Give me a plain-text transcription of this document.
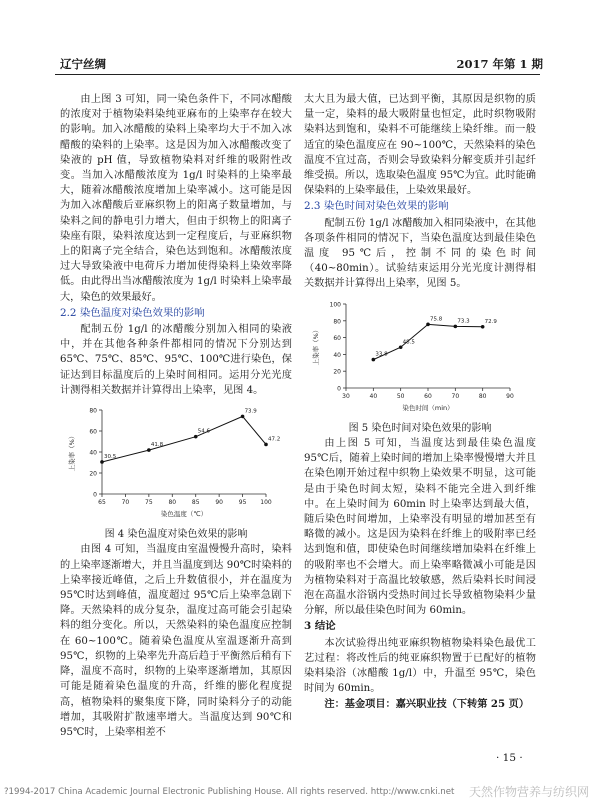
辽宁丝绸	2017 年第 1 期

由上图 3 可知，同一染色条件下，不同冰醋酸的浓度对于植物染料染纯亚麻布的上染率存在较大的影响。加入冰醋酸的染料上染率均大于不加入冰醋酸的染料的上染率。这是因为加入冰醋酸改变了染液的 pH 值，导致植物染料对纤维的吸附性改变。当加入冰醋酸浓度为 1g/l 时染料的上染率最大，随着冰醋酸浓度增加上染率减小。这可能是因为加入冰醋酸后亚麻织物上的阳离子数量增加，与染料之间的静电引力增大，但由于织物上的阳离子染座有限，染料浓度达到一定程度后，与亚麻织物上的阳离子完全结合，染色达到饱和。冰醋酸浓度过大导致染液中电荷斥力增加使得染料上染效率降低。由此得出当冰醋酸浓度为 1g/l 时染料上染率最大，染色的效果最好。

2.2 染色温度对染色效果的影响

配制五份 1g/l 的冰醋酸分别加入相同的染液中，并在其他各种条件都相同的情况下分别达到 65℃、75℃、85℃、95℃、100℃进行染色，保证达到目标温度后的上染时间相同。运用分光光度计测得相关数据并计算得出上染率，见图 4。

0
20
40
60
80
65	70	75	80	85	90	95 100
30.5
41.8
54.6
73.9
47.2
染色温度（℃）
上染率（%）

图 4 染色温度对染色效果的影响

由图 4 可知，当温度由室温慢慢升高时，染料的上染率逐渐增大，并且当温度到达 90℃时染料的上染率接近峰值，之后上升数值很小，并在温度为 95℃时达到峰值，温度超过 95℃后上染率急剧下降。天然染料的成分复杂，温度过高可能会引起染料的组分变化。所以，天然染料的染色温度应控制在 60~100℃。随着染色温度从室温逐渐升高到 95℃，织物的上染率先升高后趋于平衡然后稍有下降，温度不高时，织物的上染率逐渐增加，其原因可能是随着染色温度的升高，纤维的膨化程度提高，植物染料的聚集度下降，同时染料分子的动能增加，其吸附扩散速率增大。当温度达到 90℃和 95℃时，上染率相差不

太大且为最大值，已达到平衡，其原因是织物的质量一定，染料的最大吸附量也恒定，此时织物吸附染料达到饱和，染料不可能继续上染纤维。而一般适宜的染色温度应在 90~100℃，天然染料的染色温度不宜过高，否则会导致染料分解变质并引起纤维受损。所以，选取染色温度 95℃为宜。此时能确保染料的上染率最佳，上染效果最好。

2.3 染色时间对染色效果的影响

配制五份 1g/l 冰醋酸加入相同染液中，在其他各项条件相同的情况下，当染色温度达到最佳染色温度 95℃后，控制不同的染色时间（40~80min）。试验结束运用分光光度计测得相关数据并计算得出上染率，见图 5。

0
20
40
60
80
100
30	40	50	60	70	80	90
33.8
48.5
75.8	73.3	72.9
染色时间（min）
上染率（%）

图 5 染色时间对染色效果的影响

由上图 5 可知，当温度达到最佳染色温度 95℃后，随着上染时间的增加上染率慢慢增大并且在染色刚开始过程中织物上染效果不明显，这可能是由于染色时间太短，染料不能完全进入到纤维中。在上染时间为 60min 时上染率达到最大值，随后染色时间增加，上染率没有明显的增加甚至有略微的减小。这是因为染料在纤维上的吸附率已经达到饱和值，即使染色时间继续增加染料在纤维上的吸附率也不会增大。而上染率略微减小可能是因为植物染料对于高温比较敏感，然后染料长时间浸泡在高温水浴锅内受热时间过长导致植物染料少量分解，所以最佳染色时间为 60min。

3 结论

本次试验得出纯亚麻织物植物染料染色最优工艺过程：将改性后的纯亚麻织物置于已配好的植物染料染浴（冰醋酸 1g/l）中，升温至 95℃，染色时间为 60min。

注：基金项目：嘉兴职业技（下转第 25 页）
· 15 ·
?1994-2017 China Academic Journal Electronic Publishing House. All rights reserved. http://www.cnki.net 天然作物营养与纺织网
